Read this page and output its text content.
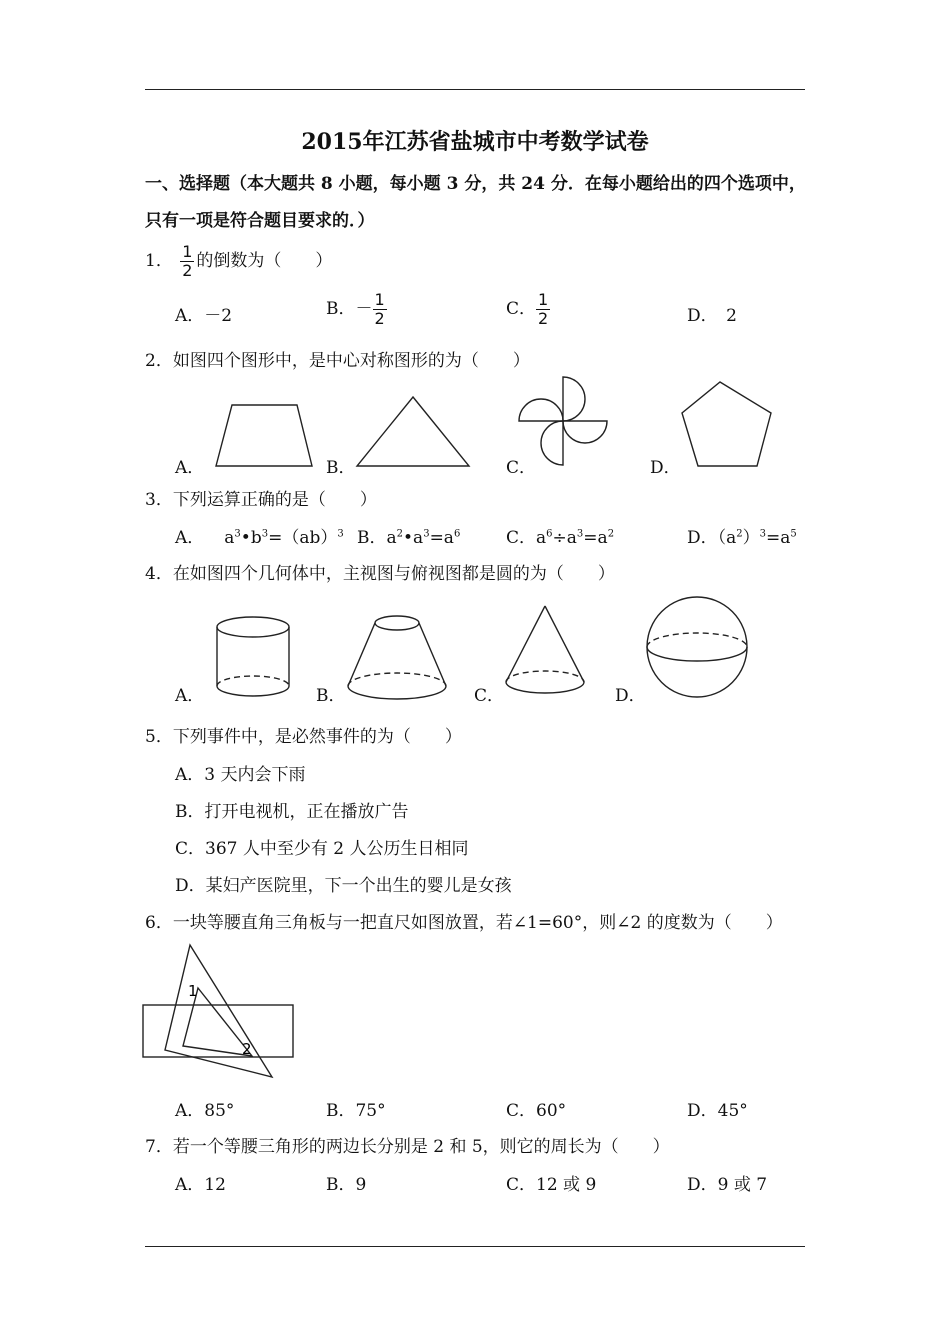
2015年江苏省盐城市中考数学试卷
一、选择题（本大题共 8 小题，每小题 3 分，共 24 分．在每小题给出的四个选项中，只有一项是符合题目要求的．）
1． $\frac{1}{2}$ 的倒数为（　　）
A．－2	B．－ $\frac{1}{2}$	C． $\frac{1}{2}$	D．　2
2．如图四个图形中，是中心对称图形的为（　　）
A．	B．	C．	D．
3．下列运算正确的是（　　）
A． $a^3•b^3=(ab)^3$ B．$a^2•a^3=a^6$	C．$a^6\div a^3=a^2$	D．$(a^2)^3=a^5$
4．在如图四个几何体中，主视图与俯视图都是圆的为（　　）
A．	B．	C．	D．
5．下列事件中，是必然事件的为（　　）
A．3 天内会下雨
B．打开电视机，正在播放广告
C．367 人中至少有 2 人公历生日相同
D．某妇产医院里，下一个出生的婴儿是女孩
6．一块等腰直角三角板与一把直尺如图放置，若∠1=60°，则∠2 的度数为（　　）
1
2
A．85°	B．75°	C．60°	D．45°
7．若一个等腰三角形的两边长分别是 2 和 5，则它的周长为（　　）
A．12	B．9	C．12 或 9	D．9 或 7
